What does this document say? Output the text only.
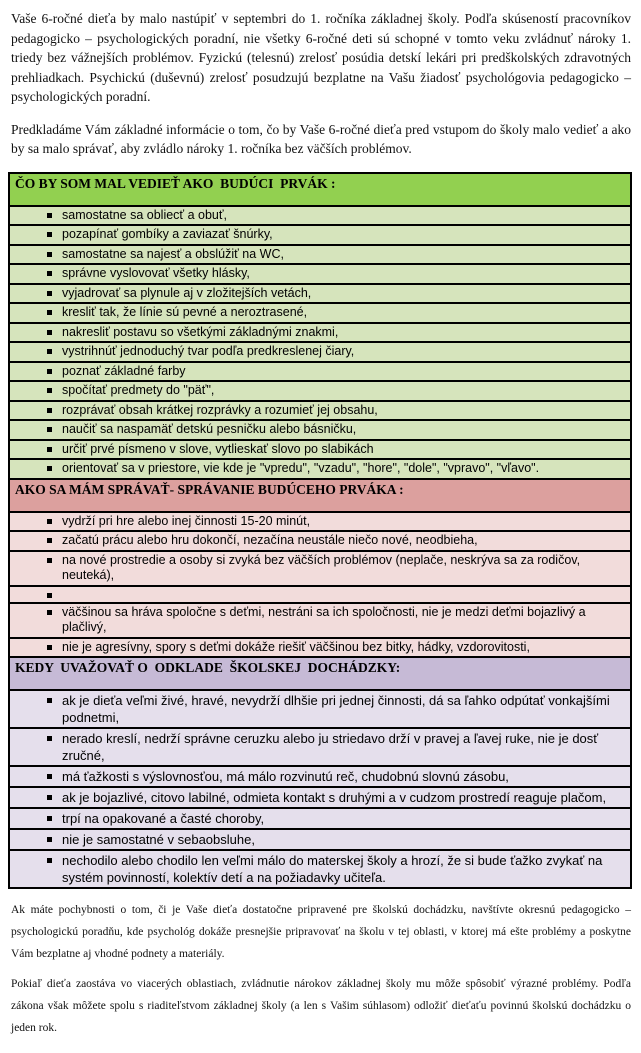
Vaše 6-ročné dieťa by malo nastúpiť v septembri do 1. ročníka základnej školy. Podľa skúseností pracovníkov pedagogicko – psychologických poradní, nie všetky 6-ročné deti sú schopné v tomto veku zvládnuť nároky 1. triedy bez vážnejších problémov. Fyzickú (telesnú) zrelosť posúdia detskí lekári pri predškolských zdravotných prehliadkach. Psychickú (duševnú) zrelosť posudzujú bezplatne na Vašu žiadosť psychológovia pedagogicko – psychologických poradní.

Predkladáme Vám základné informácie o tom, čo by Vaše 6-ročné dieťa pred vstupom do školy malo vedieť a ako by sa malo správať, aby zvládlo nároky 1. ročníka bez väčších problémov.

ČO BY SOM MAL VEDIEŤ AKO  BUDÚCI  PRVÁK :
samostatne sa obliecť a obuť,
pozapínať gombíky a zaviazať šnúrky,
samostatne sa najesť a obslúžiť na WC,
správne vyslovovať všetky hlásky,
vyjadrovať sa plynule aj v zložitejších vetách,
kresliť tak, že línie sú pevné a neroztrasené,
nakresliť postavu so všetkými základnými znakmi,
vystrihnúť jednoduchý tvar podľa predkreslenej čiary,
poznať základné farby
spočítať predmety do "päť",
rozprávať obsah krátkej rozprávky a rozumieť jej obsahu,
naučiť sa naspamäť detskú pesničku alebo básničku,
určiť prvé písmeno v slove, vytlieskať slovo po slabikách
orientovať sa v priestore, vie kde je "vpredu", "vzadu", "hore", "dole", "vpravo", "vľavo".
AKO SA MÁM SPRÁVAŤ- SPRÁVANIE BUDÚCEHO PRVÁKA :
vydrží pri hre alebo inej činnosti 15-20 minút,
začatú prácu alebo hru dokončí, nezačína neustále niečo nové, neodbieha,
na nové prostredie a osoby si zvyká bez väčších problémov (neplače, neskrýva sa za rodičov, neuteká),
väčšinou sa hráva spoločne s deťmi, nestráni sa ich spoločnosti, nie je medzi deťmi bojazlivý a plačlivý,
nie je agresívny, spory s deťmi dokáže riešiť väčšinou bez bitky, hádky, vzdorovitosti,
KEDY  UVAŽOVAŤ O  ODKLADE  ŠKOLSKEJ  DOCHÁDZKY:
ak je dieťa veľmi živé, hravé, nevydrží dlhšie pri jednej činnosti, dá sa ľahko odpútať vonkajšími podnetmi,
nerado kreslí, nedrží správne ceruzku alebo ju striedavo drží v pravej a ľavej ruke, nie je dosť zručné,
má ťažkosti s výslovnosťou, má málo rozvinutú reč, chudobnú slovnú zásobu,
ak je bojazlivé, citovo labilné, odmieta kontakt s druhými a v cudzom prostredí reaguje plačom,
trpí na opakované a časté choroby,
nie je samostatné v sebaobsluhe,
nechodilo alebo chodilo len veľmi málo do materskej školy a hrozí, že si bude ťažko zvykať na systém povinností, kolektív detí a na požiadavky učiteľa.

Ak máte pochybnosti o tom, či je Vaše dieťa dostatočne pripravené pre školskú dochádzku, navštívte okresnú pedagogicko – psychologickú poradňu, kde psychológ dokáže presnejšie pripravovať na školu v tej oblasti, v ktorej má ešte problémy a poskytne Vám bezplatne aj vhodné podnety a materiály.

Pokiaľ dieťa zaostáva vo viacerých oblastiach, zvládnutie nárokov základnej školy mu môže spôsobiť výrazné problémy. Podľa zákona však môžete spolu s riaditeľstvom základnej školy (a len s Vašim súhlasom) odložiť dieťaťu povinnú školskú dochádzku o jeden rok.
